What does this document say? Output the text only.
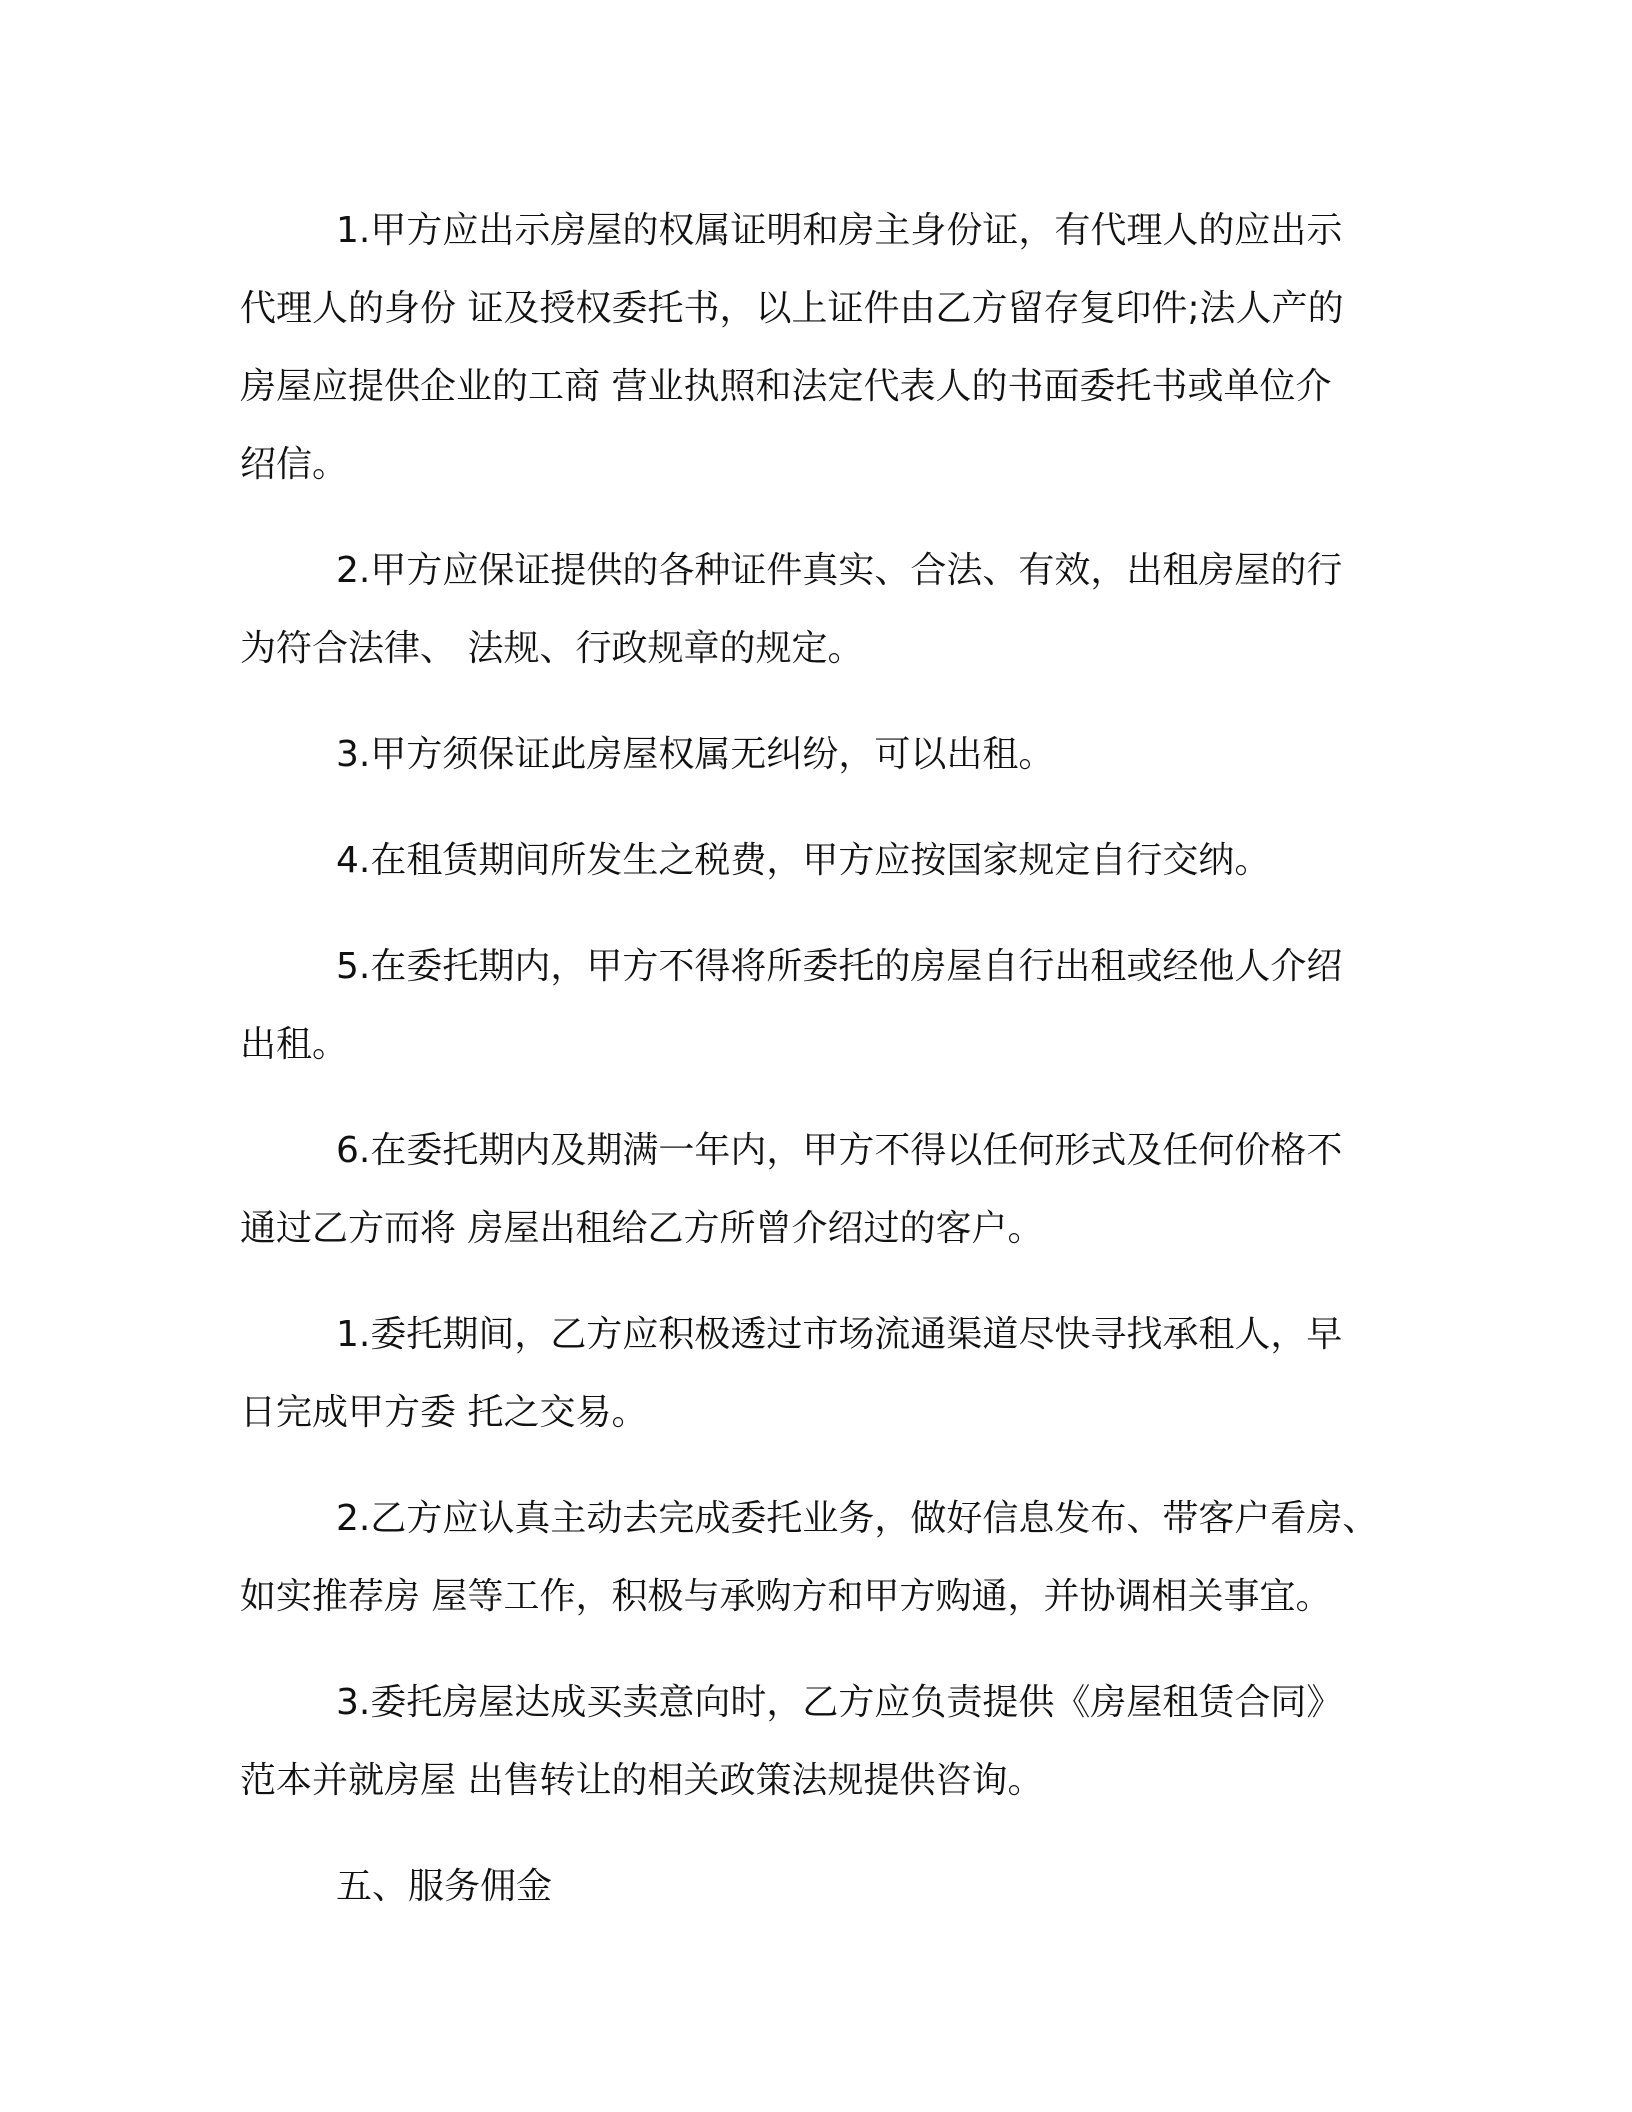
1.甲方应出示房屋的权属证明和房主身份证，有代理人的应出示
代理人的身份 证及授权委托书，以上证件由乙方留存复印件;法人产的
房屋应提供企业的工商 营业执照和法定代表人的书面委托书或单位介
绍信。
2.甲方应保证提供的各种证件真实、合法、有效，出租房屋的行
为符合法律、 法规、行政规章的规定。
3.甲方须保证此房屋权属无纠纷，可以出租。
4.在租赁期间所发生之税费，甲方应按国家规定自行交纳。
5.在委托期内，甲方不得将所委托的房屋自行出租或经他人介绍
出租。
6.在委托期内及期满一年内，甲方不得以任何形式及任何价格不
通过乙方而将 房屋出租给乙方所曾介绍过的客户。
1.委托期间，乙方应积极透过市场流通渠道尽快寻找承租人，早
日完成甲方委 托之交易。
2.乙方应认真主动去完成委托业务，做好信息发布、带客户看房、
如实推荐房 屋等工作，积极与承购方和甲方购通，并协调相关事宜。
3.委托房屋达成买卖意向时，乙方应负责提供《房屋租赁合同》
范本并就房屋 出售转让的相关政策法规提供咨询。
五、服务佣金
